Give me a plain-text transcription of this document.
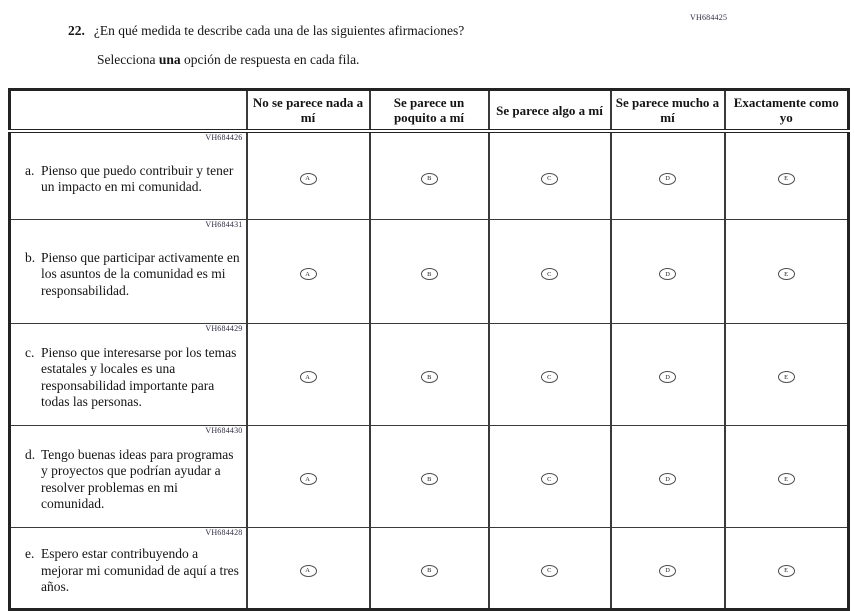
VH684425
22. ¿En qué medida te describe cada una de las siguientes afirmaciones?
Selecciona una opción de respuesta en cada fila.
	No se parece nada a mí	Se parece un poquito a mí	Se parece algo a mí	Se parece mucho a mí	Exactamente como yo

VH684426
a. Pienso que puedo contribuir y tener un impacto en mi comunidad.	A	B	C	D	E

VH684431
b. Pienso que participar activamente en los asuntos de la comunidad es mi responsabilidad.	A	B	C	D	E

VH684429
c. Pienso que interesarse por los temas estatales y locales es una responsabilidad importante para todas las personas.	A	B	C	D	E

VH684430
d. Tengo buenas ideas para programas y proyectos que podrían ayudar a resolver problemas en mi comunidad.	A	B	C	D	E

VH684428
e. Espero estar contribuyendo a mejorar mi comunidad de aquí a tres años.	A	B	C	D	E
